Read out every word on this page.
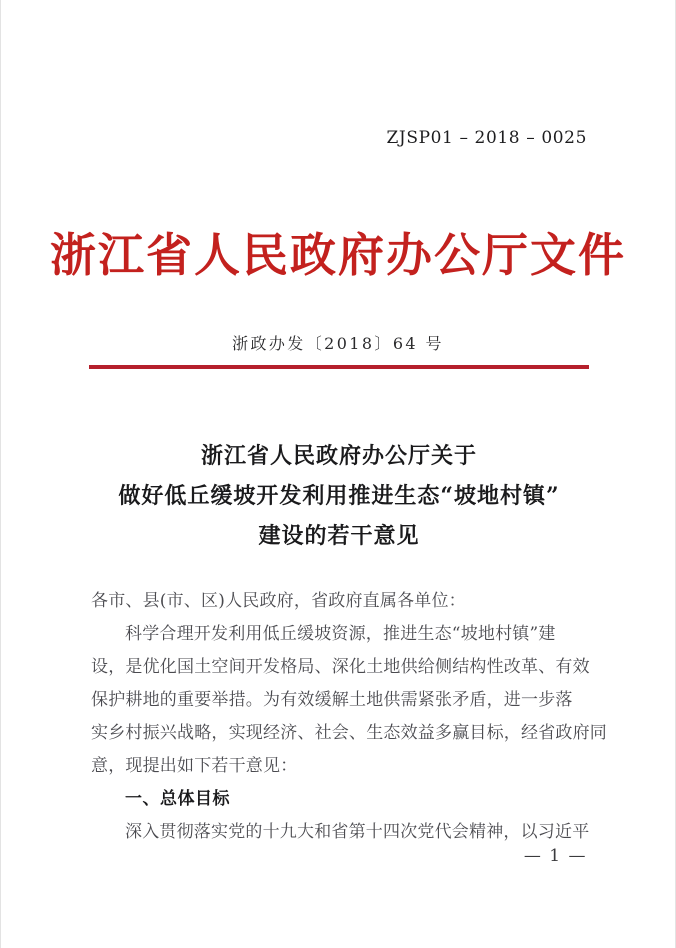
ZJSP01 – 2018 – 0025
浙江省人民政府办公厅文件
浙政办发〔2018〕64 号
浙江省人民政府办公厅关于
做好低丘缓坡开发利用推进生态“坡地村镇”
建设的若干意见
各市、县(市、区)人民政府，省政府直属各单位：
科学合理开发利用低丘缓坡资源，推进生态“坡地村镇”建
设，是优化国土空间开发格局、深化土地供给侧结构性改革、有效
保护耕地的重要举措。为有效缓解土地供需紧张矛盾，进一步落
实乡村振兴战略，实现经济、社会、生态效益多赢目标，经省政府同
意，现提出如下若干意见：
一、总体目标
深入贯彻落实党的十九大和省第十四次党代会精神，以习近平
— 1 —
